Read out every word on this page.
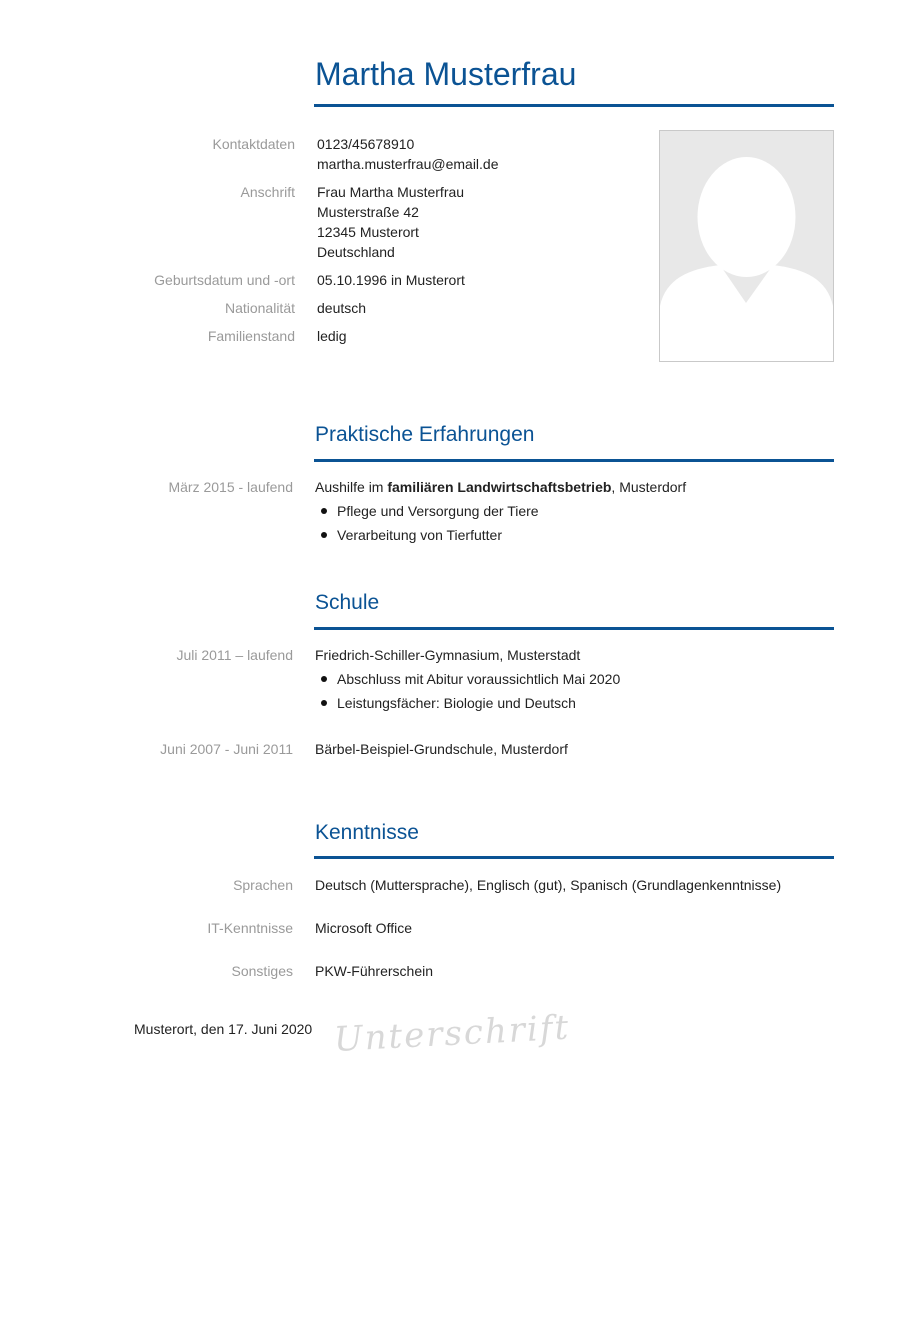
Martha Musterfrau
Kontaktdaten 0123/45678910
martha.musterfrau@email.de
Anschrift Frau Martha Musterfrau
Musterstraße 42
12345 Musterort
Deutschland
Geburtsdatum und -ort 05.10.1996 in Musterort
Nationalität deutsch
Familienstand ledig
Praktische Erfahrungen
März 2015 - laufend Aushilfe im familiären Landwirtschaftsbetrieb, Musterdorf
Pflege und Versorgung der Tiere
Verarbeitung von Tierfutter
Schule
Juli 2011 – laufend Friedrich-Schiller-Gymnasium, Musterstadt
Abschluss mit Abitur voraussichtlich Mai 2020
Leistungsfächer: Biologie und Deutsch
Juni 2007 - Juni 2011 Bärbel-Beispiel-Grundschule, Musterdorf
Kenntnisse
Sprachen Deutsch (Muttersprache), Englisch (gut), Spanisch (Grundlagenkenntnisse)
IT-Kenntnisse Microsoft Office
Sonstiges PKW-Führerschein
Musterort, den 17. Juni 2020 Unterschrift
